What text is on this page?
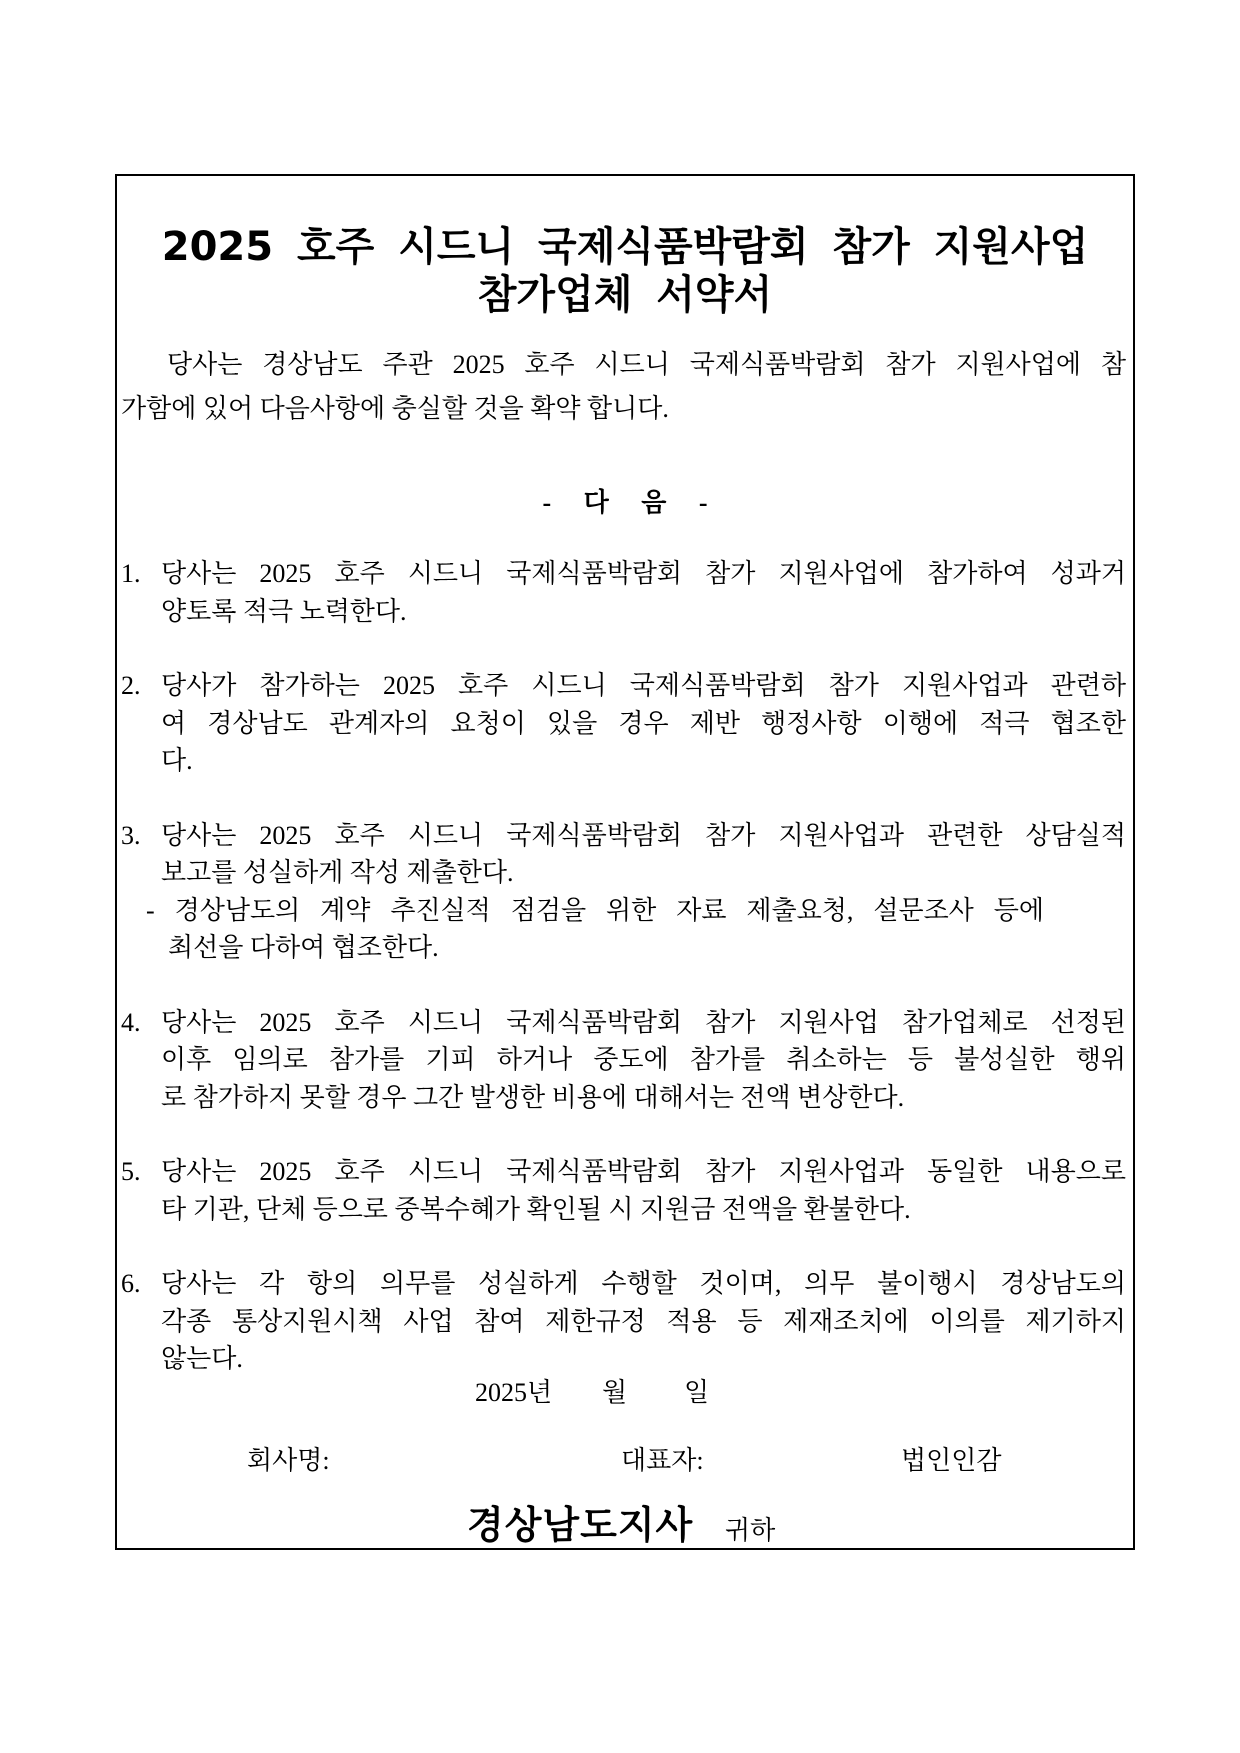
2025 호주 시드니 국제식품박람회 참가 지원사업
참가업체 서약서
당사는 경상남도 주관 2025 호주 시드니 국제식품박람회 참가 지원사업에 참
가함에 있어 다음사항에 충실할 것을 확약 합니다.
- 다 음 -
1. 당사는 2025 호주 시드니 국제식품박람회 참가 지원사업에 참가하여 성과거
양토록 적극 노력한다.
2. 당사가 참가하는 2025 호주 시드니 국제식품박람회 참가 지원사업과 관련하
여 경상남도 관계자의 요청이 있을 경우 제반 행정사항 이행에 적극 협조한
다.
3. 당사는 2025 호주 시드니 국제식품박람회 참가 지원사업과 관련한 상담실적
보고를 성실하게 작성 제출한다.
- 경상남도의 계약 추진실적 점검을 위한 자료 제출요청, 설문조사 등에
최선을 다하여 협조한다.
4. 당사는 2025 호주 시드니 국제식품박람회 참가 지원사업 참가업체로 선정된
이후 임의로 참가를 기피 하거나 중도에 참가를 취소하는 등 불성실한 행위
로 참가하지 못할 경우 그간 발생한 비용에 대해서는 전액 변상한다.
5. 당사는 2025 호주 시드니 국제식품박람회 참가 지원사업과 동일한 내용으로
타 기관, 단체 등으로 중복수혜가 확인될 시 지원금 전액을 환불한다.
6. 당사는 각 항의 의무를 성실하게 수행할 것이며, 의무 불이행시 경상남도의
각종 통상지원시책 사업 참여 제한규정 적용 등 제재조치에 이의를 제기하지
않는다.
2025년 월 일
회사명:	대표자:	법인인감
경상남도지사 귀하
